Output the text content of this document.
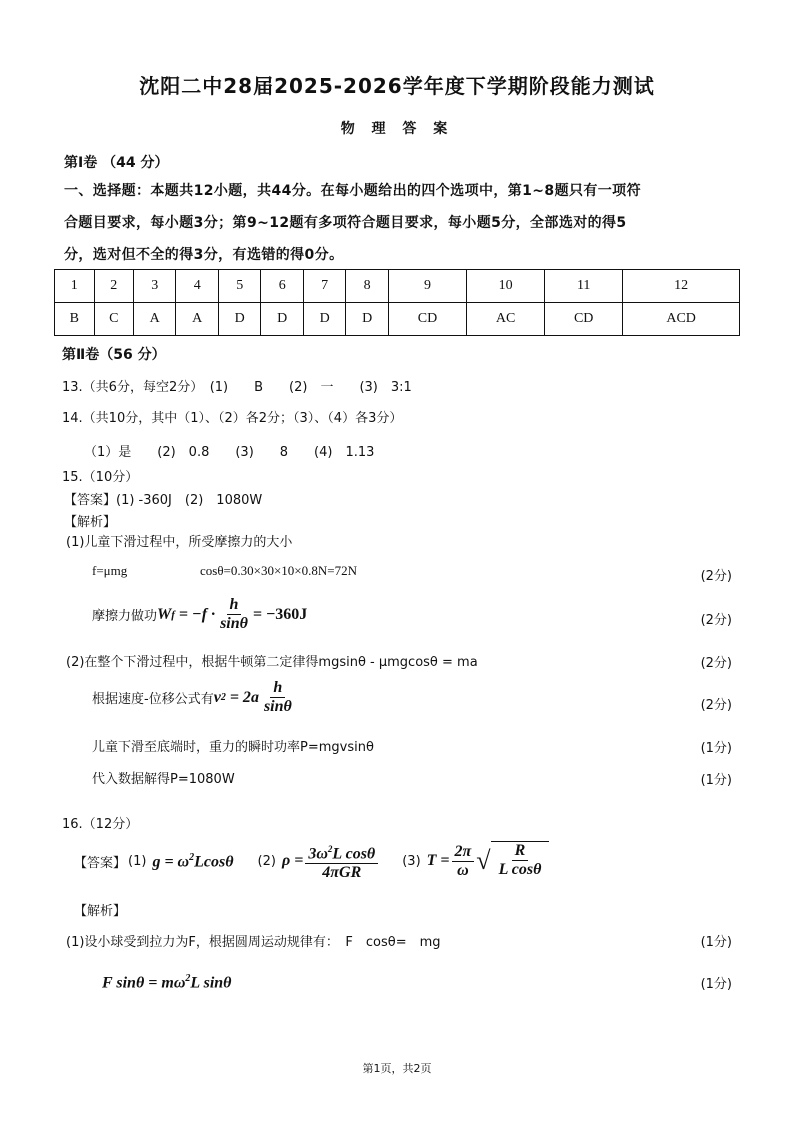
沈阳二中28届2025-2026学年度下学期阶段能力测试
物 理 答 案
第Ⅰ卷 （44 分）
一、选择题：本题共12小题，共44分。在每小题给出的四个选项中，第1~8题只有一项符
合题目要求，每小题3分；第9~12题有多项符合题目要求，每小题5分，全部选对的得5
分，选对但不全的得3分，有选错的得0分。
1	2	3	4	5	6	7	8	9	10	11	12
B	C	A	A	D	D	D	D	CD	AC	CD	ACD
第Ⅱ卷（56 分）
13.（共6分，每空2分）　(1)　　B　　(2)　一　　(3)　3:1
14.（共10分，其中（1）、（2）各2分；（3）、（4）各3分）
（1）是　　(2)　0.8　　(3)　　8　　(4)　1.13
15.（10分）
【答案】(1) -360J　(2)　1080W
【解析】
(1)儿童下滑过程中，所受摩擦力的大小
f=μmg	cosθ=0.30×30×10×0.8N=72N	(2分)
摩擦力做功 W f = − $f \cdot \frac{h}{\sin\theta} = -360J$	(2分)
(2)在整个下滑过程中，根据牛顿第二定律得mgsinθ - μmgcosθ = ma	(2分)
根据速度-位移公式有 v 2 = 2 a $\frac{h}{\sin\theta}$	(2分)
儿童下滑至底端时，重力的瞬时功率P=mgvsinθ	(1分)
代入数据解得P=1080W	(1分)
16.（12分）
【答案】 (1) $g = \omega^2Lcos\theta$ (2) $\rho = \frac{3\omega^2L \cos\theta}{\text{4πGR}} (3) T = \frac{2\pi}{\omega}$ √ $\frac{R}{\text{L cosθ}}$
【解析】
(1)设小球受到拉力为F，根据圆周运动规律有：　F　cosθ=　mg	(1分)
F $\sin\theta = m\omega^2L$ sinθ	(1分)
第1页，共2页
